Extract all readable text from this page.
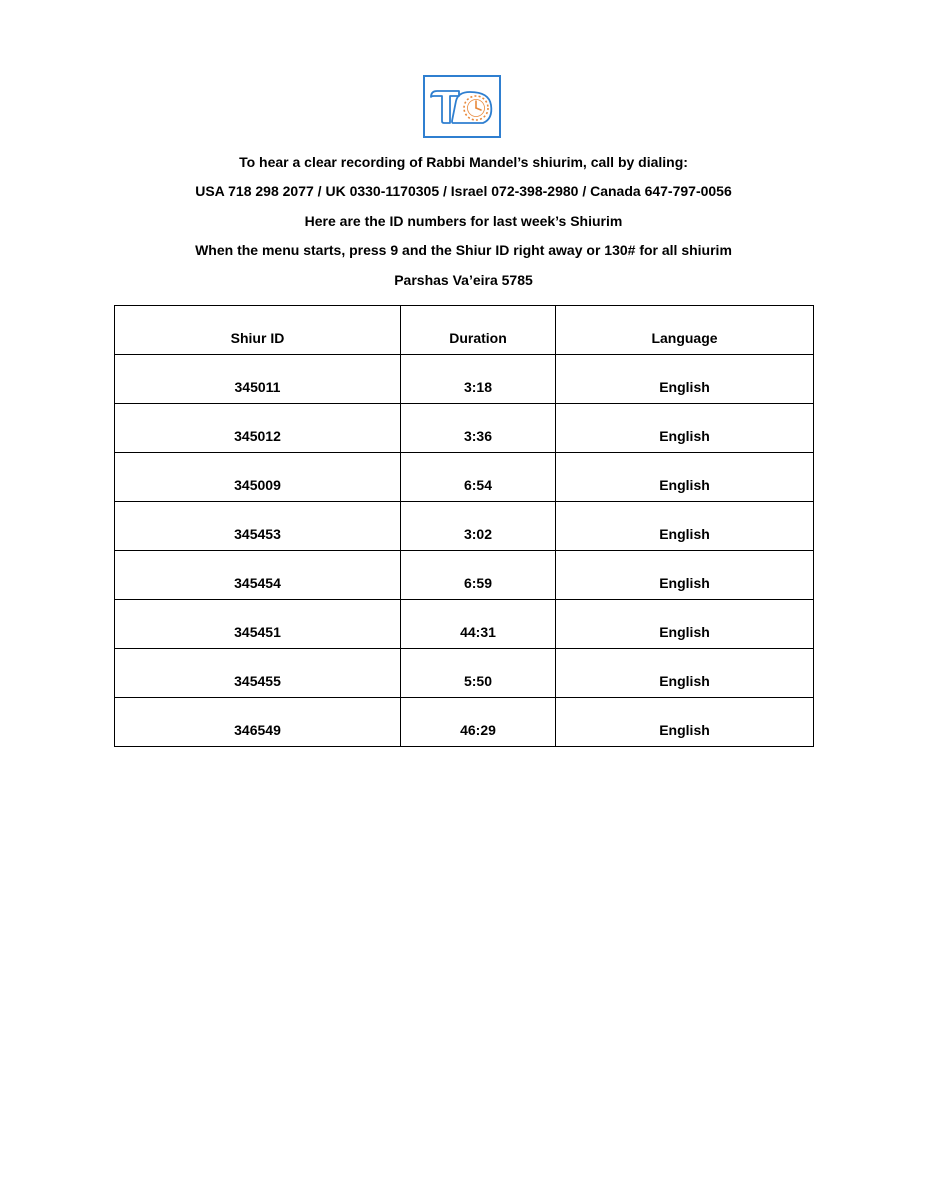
To hear a clear recording of Rabbi Mandel’s shiurim, call by dialing:
USA 718 298 2077 / UK 0330-1170305 / Israel 072-398-2980 / Canada 647-797-0056
Here are the ID numbers for last week’s Shiurim
When the menu starts, press 9 and the Shiur ID right away or 130# for all shiurim
Parshas Va’eira 5785
Shiur ID	Duration	Language

345011	3:18	English

345012	3:36	English

345009	6:54	English

345453	3:02	English

345454	6:59	English

345451	44:31	English

345455	5:50	English

346549	46:29	English
